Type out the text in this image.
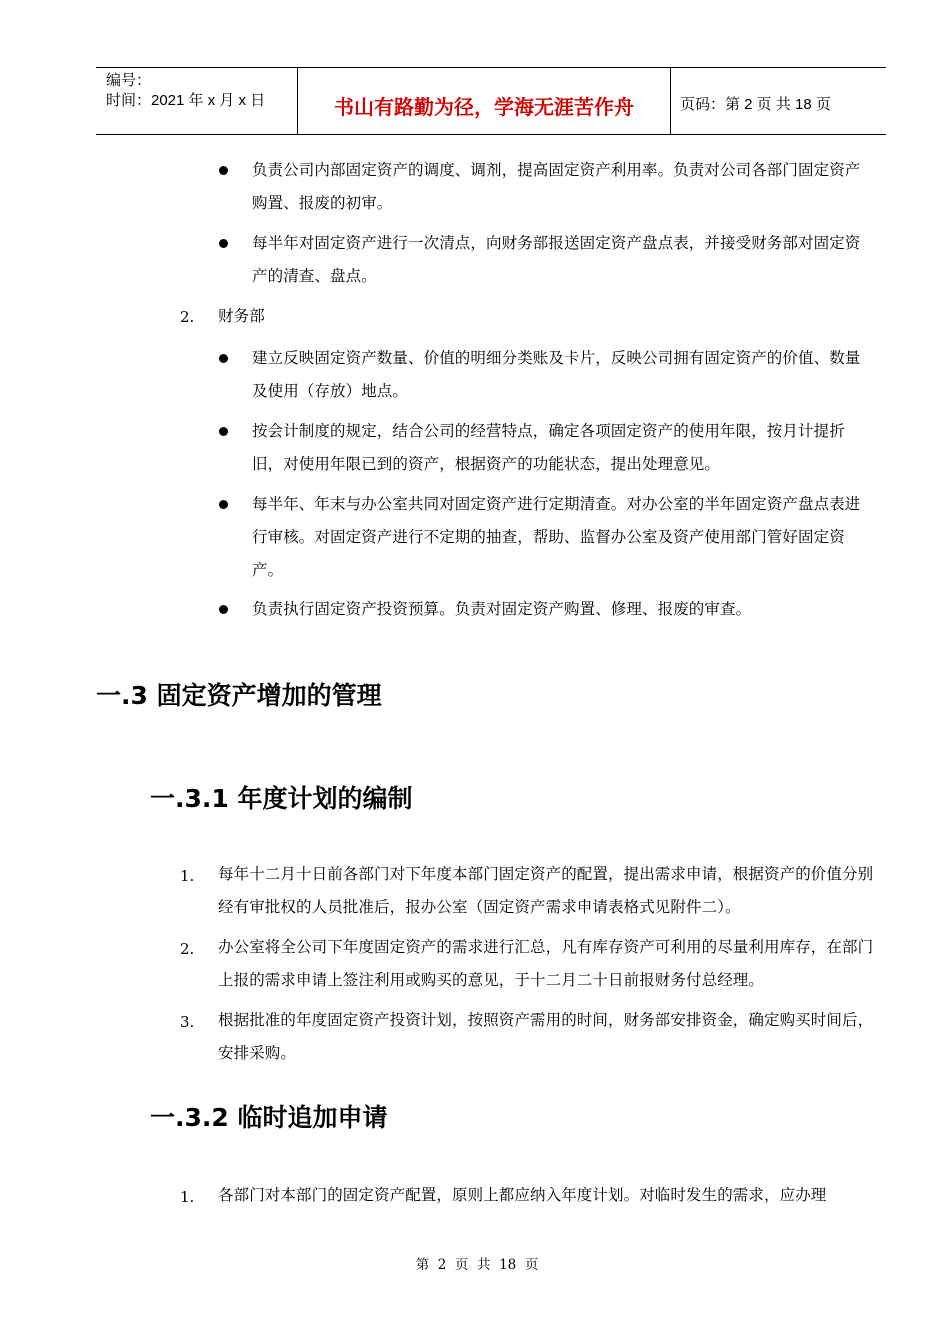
编号：
时间：2021 年 x 月 x 日	书山有路勤为径，学海无涯苦作舟	页码：第 2 页 共 18 页
负责公司内部固定资产的调度、调剂，提高固定资产利用率。负责对公司各部门固定资产购置、报废的初审。
每半年对固定资产进行一次清点，向财务部报送固定资产盘点表，并接受财务部对固定资产的清查、盘点。
2. 财务部
建立反映固定资产数量、价值的明细分类账及卡片，反映公司拥有固定资产的价值、数量及使用（存放）地点。
按会计制度的规定，结合公司的经营特点，确定各项固定资产的使用年限，按月计提折旧，对使用年限已到的资产，根据资产的功能状态，提出处理意见。
每半年、年末与办公室共同对固定资产进行定期清查。对办公室的半年固定资产盘点表进行审核。对固定资产进行不定期的抽查，帮助、监督办公室及资产使用部门管好固定资产。
负责执行固定资产投资预算。负责对固定资产购置、修理、报废的审查。
一.3 固定资产增加的管理
一.3.1 年度计划的编制
1. 每年十二月十日前各部门对下年度本部门固定资产的配置，提出需求申请，根据资产的价值分别经有审批权的人员批准后，报办公室（固定资产需求申请表格式见附件二）。
2. 办公室将全公司下年度固定资产的需求进行汇总，凡有库存资产可利用的尽量利用库存，在部门上报的需求申请上签注利用或购买的意见，于十二月二十日前报财务付总经理。
3. 根据批准的年度固定资产投资计划，按照资产需用的时间，财务部安排资金，确定购买时间后，安排采购。
一.3.2 临时追加申请
1. 各部门对本部门的固定资产配置，原则上都应纳入年度计划。对临时发生的需求，应办理
第  2  页  共  18  页
